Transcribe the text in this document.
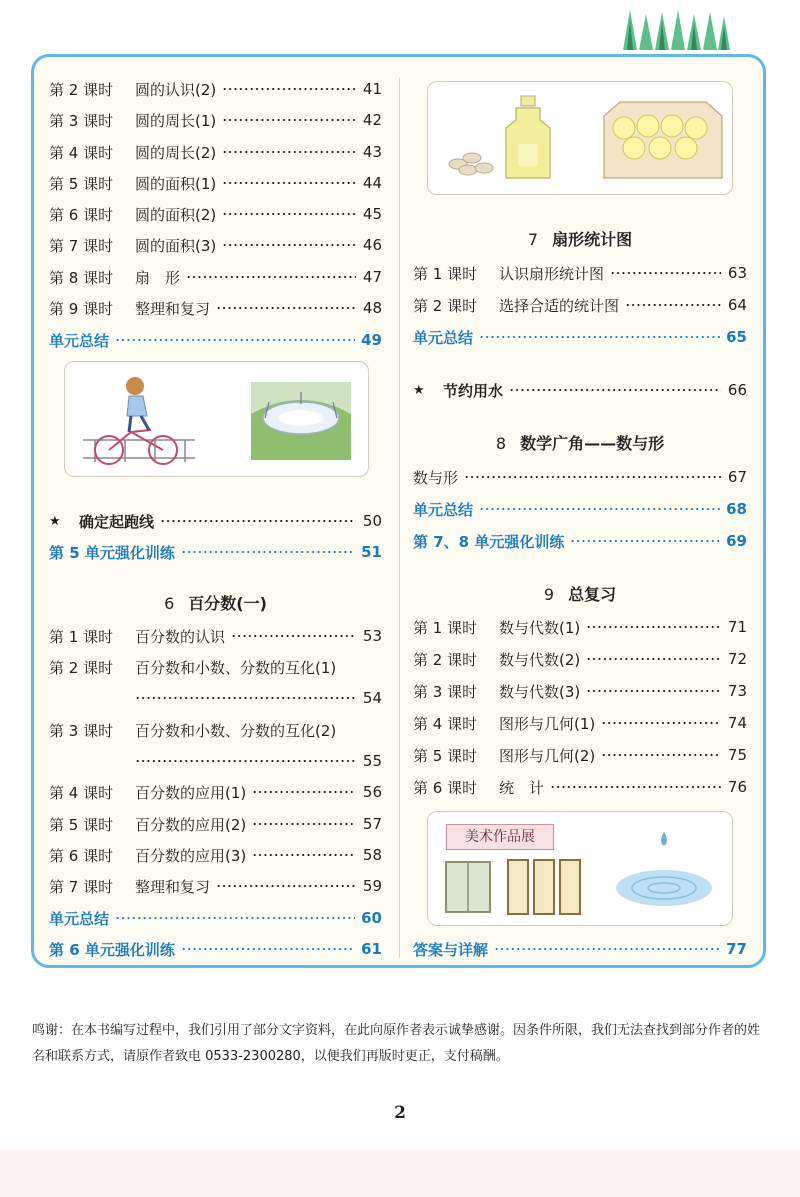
美术作品展
第 2 课时	圆的认识(2)	41
第 3 课时	圆的周长(1)	42
第 4 课时	圆的周长(2)	43
第 5 课时	圆的面积(1)	44
第 6 课时	圆的面积(2)	45
第 7 课时	圆的面积(3)	46
第 8 课时	扇　形	47
第 9 课时	整理和复习	48
单元总结	49
★	确定起跑线	50
第 5 单元强化训练	51
6 百分数(一)
第 1 课时	百分数的认识	53
第 2 课时	百分数和小数、分数的互化(1)
54
第 3 课时	百分数和小数、分数的互化(2)
55
第 4 课时	百分数的应用(1)	56
第 5 课时	百分数的应用(2)	57
第 6 课时	百分数的应用(3)	58
第 7 课时	整理和复习	59
单元总结	60
第 6 单元强化训练	61
7 扇形统计图
第 1 课时	认识扇形统计图	63
第 2 课时	选择合适的统计图	64
单元总结	65
★	节约用水	66
8 数学广角——数与形
数与形	67
单元总结	68
第 7、8 单元强化训练	69
9 总复习
第 1 课时	数与代数(1)	71
第 2 课时	数与代数(2)	72
第 3 课时	数与代数(3)	73
第 4 课时	图形与几何(1)	74
第 5 课时	图形与几何(2)	75
第 6 课时	统　计	76
答案与详解	77
鸣谢：在本书编写过程中，我们引用了部分文字资料，在此向原作者表示诚挚感谢。因条件所限，我们无法查找到部分作者的姓名和联系方式，请原作者致电 0533-2300280，以便我们再版时更正，支付稿酬。
2
